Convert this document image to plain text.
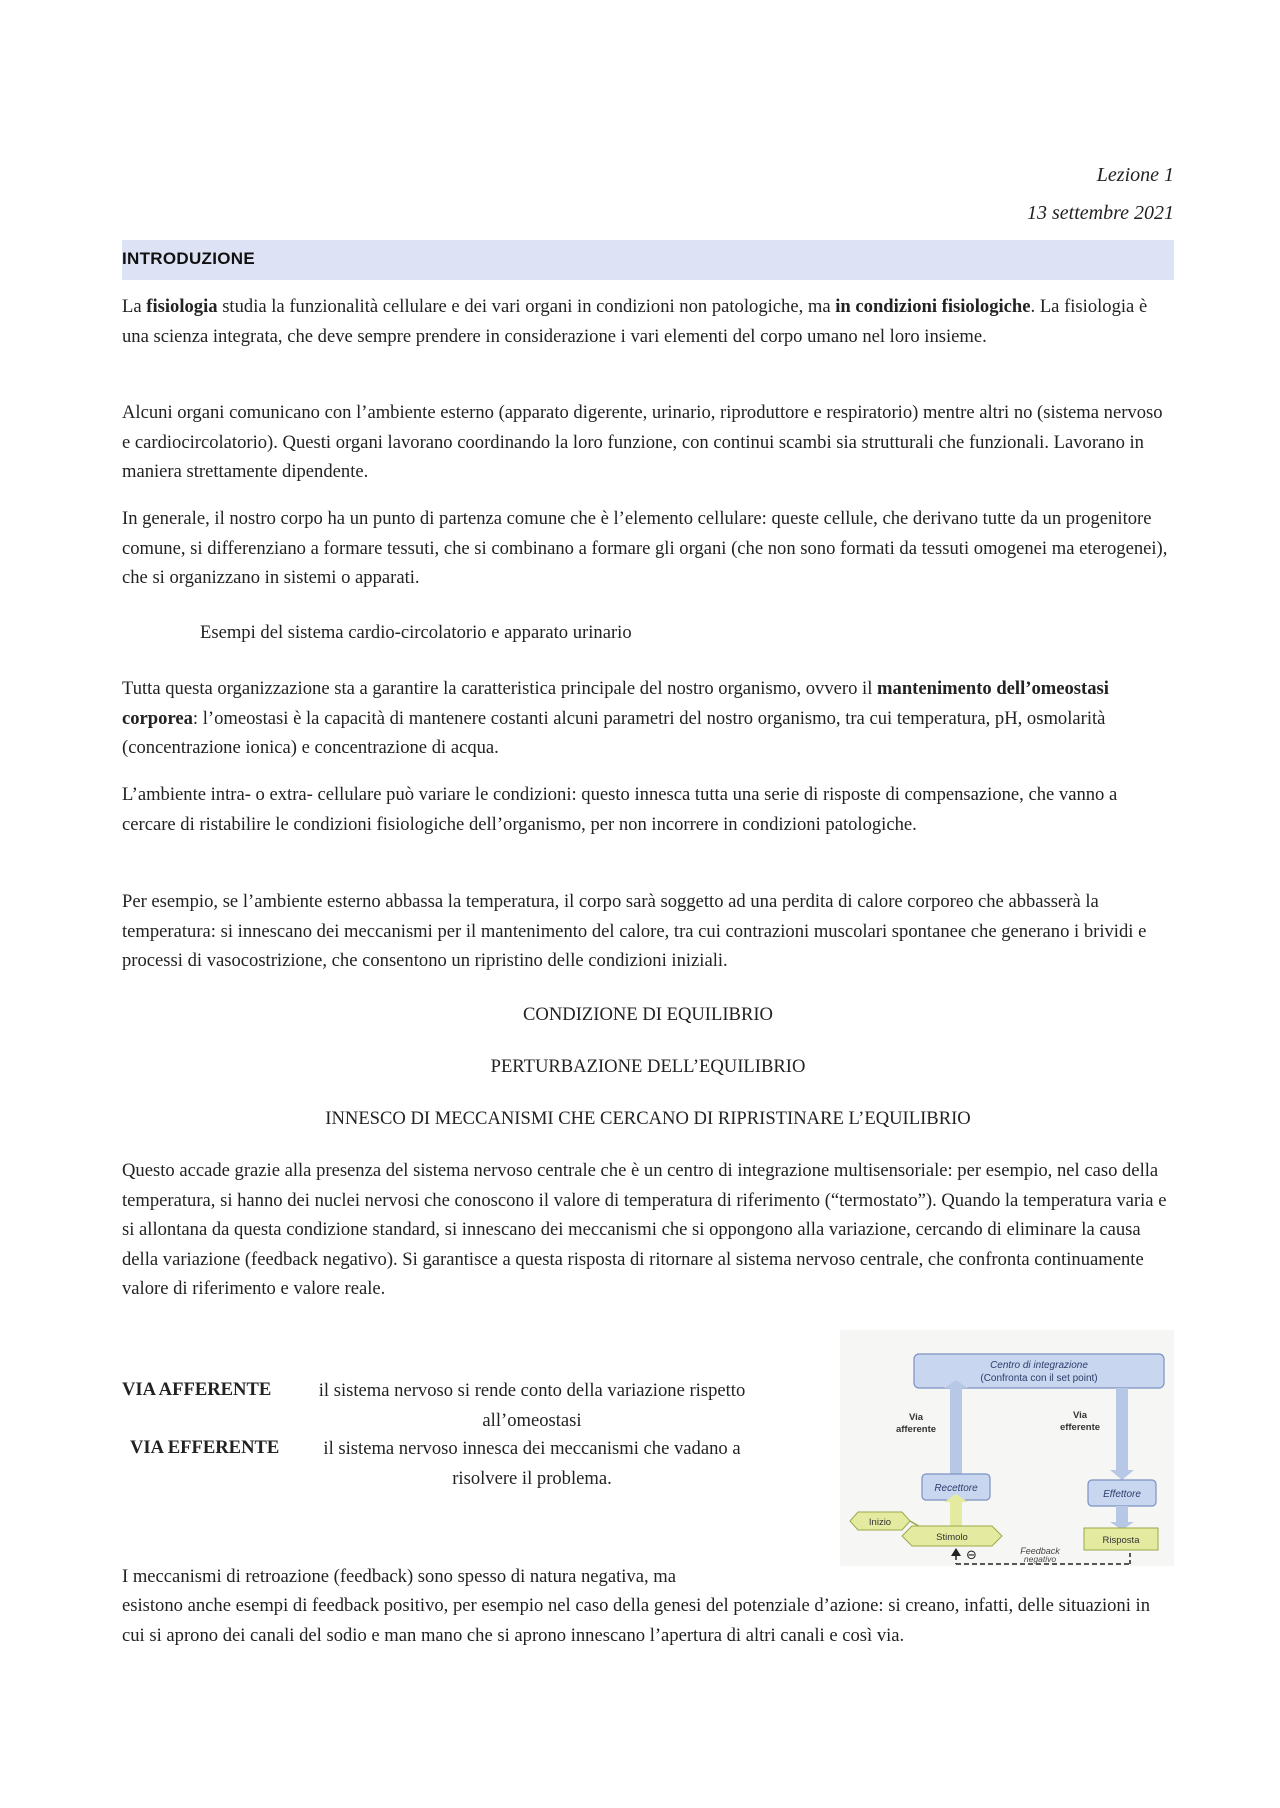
Lezione 1
13 settembre 2021
INTRODUZIONE

La fisiologia studia la funzionalità cellulare e dei vari organi in condizioni non patologiche, ma in condizioni fisiologiche. La fisiologia è una scienza integrata, che deve sempre prendere in considerazione i vari elementi del corpo umano nel loro insieme.

Alcuni organi comunicano con l’ambiente esterno (apparato digerente, urinario, riproduttore e respiratorio) mentre altri no (sistema nervoso e cardiocircolatorio). Questi organi lavorano coordinando la loro funzione, con continui scambi sia strutturali che funzionali. Lavorano in maniera strettamente dipendente.

In generale, il nostro corpo ha un punto di partenza comune che è l’elemento cellulare: queste cellule, che derivano tutte da un progenitore comune, si differenziano a formare tessuti, che si combinano a formare gli organi (che non sono formati da tessuti omogenei ma eterogenei), che si organizzano in sistemi o apparati.

Esempi del sistema cardio-circolatorio e apparato urinario

Tutta questa organizzazione sta a garantire la caratteristica principale del nostro organismo, ovvero il mantenimento dell’omeostasi corporea: l’omeostasi è la capacità di mantenere costanti alcuni parametri del nostro organismo, tra cui temperatura, pH, osmolarità (concentrazione ionica) e concentrazione di acqua.

L’ambiente intra- o extra- cellulare può variare le condizioni: questo innesca tutta una serie di risposte di compensazione, che vanno a cercare di ristabilire le condizioni fisiologiche dell’organismo, per non incorrere in condizioni patologiche.

Per esempio, se l’ambiente esterno abbassa la temperatura, il corpo sarà soggetto ad una perdita di calore corporeo che abbasserà la temperatura: si innescano dei meccanismi per il mantenimento del calore, tra cui contrazioni muscolari spontanee che generano i brividi e processi di vasocostrizione, che consentono un ripristino delle condizioni iniziali.

CONDIZIONE DI EQUILIBRIO

PERTURBAZIONE DELL’EQUILIBRIO

INNESCO DI MECCANISMI CHE CERCANO DI RIPRISTINARE L’EQUILIBRIO

Questo accade grazie alla presenza del sistema nervoso centrale che è un centro di integrazione multisensoriale: per esempio, nel caso della temperatura, si hanno dei nuclei nervosi che conoscono il valore di temperatura di riferimento (“termostato”). Quando la temperatura varia e si allontana da questa condizione standard, si innescano dei meccanismi che si oppongono alla variazione, cercando di eliminare la causa della variazione (feedback negativo). Si garantisce a questa risposta di ritornare al sistema nervoso centrale, che confronta continuamente valore di riferimento e valore reale.

VIA AFFERENTE	il sistema nervoso si rende conto della variazione rispetto all’omeostasi
VIA EFFERENTE	il sistema nervoso innesca dei meccanismi che vadano a risolvere il problema.
Centro di integrazione
(Confronta con il set point)
Via
afferente
Via
efferente
Recettore
Effettore
Inizio
Stimolo	Risposta
⊖	Feedback
negativo

I meccanismi di retroazione (feedback) sono spesso di natura negativa, ma

esistono anche esempi di feedback positivo, per esempio nel caso della genesi del potenziale d’azione: si creano, infatti, delle situazioni in cui si aprono dei canali del sodio e man mano che si aprono innescano l’apertura di altri canali e così via.
